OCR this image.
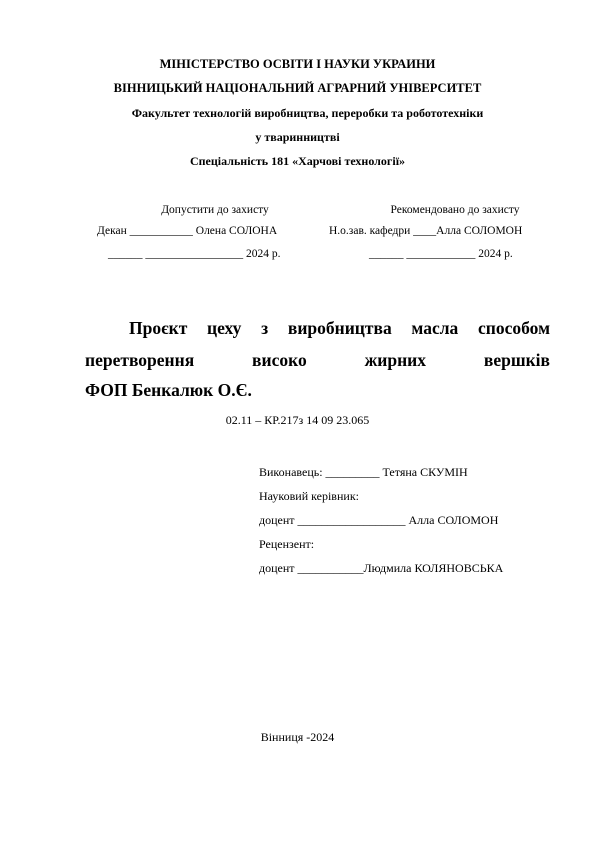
МІНІСТЕРСТВО ОСВІТИ І НАУКИ УКРАИНИ
ВІННИЦЬКИЙ НАЦІОНАЛЬНИЙ АГРАРНИЙ УНІВЕРСИТЕТ
Факультет технологій виробництва, переробки та робототехніки
у тваринництві
Спеціальність 181 «Харчові технології»
Допустити до захисту
Декан ___________ Олена СОЛОНА
______ _________________ 2024 р.
Рекомендовано до захисту
Н.о.зав. кафедри ____Алла СОЛОМОН
______ ____________ 2024 р.
Проєкт цеху з виробництва масла способом
перетворення високо жирних вершків
ФОП Бенкалюк О.Є.
02.11 – КР.217з 14 09 23.065
Виконавець: _________ Тетяна СКУМІН
Науковий керівник:
доцент __________________ Алла СОЛОМОН
Рецензент:
доцент ___________Людмила КОЛЯНОВСЬКА
Вінниця -2024
